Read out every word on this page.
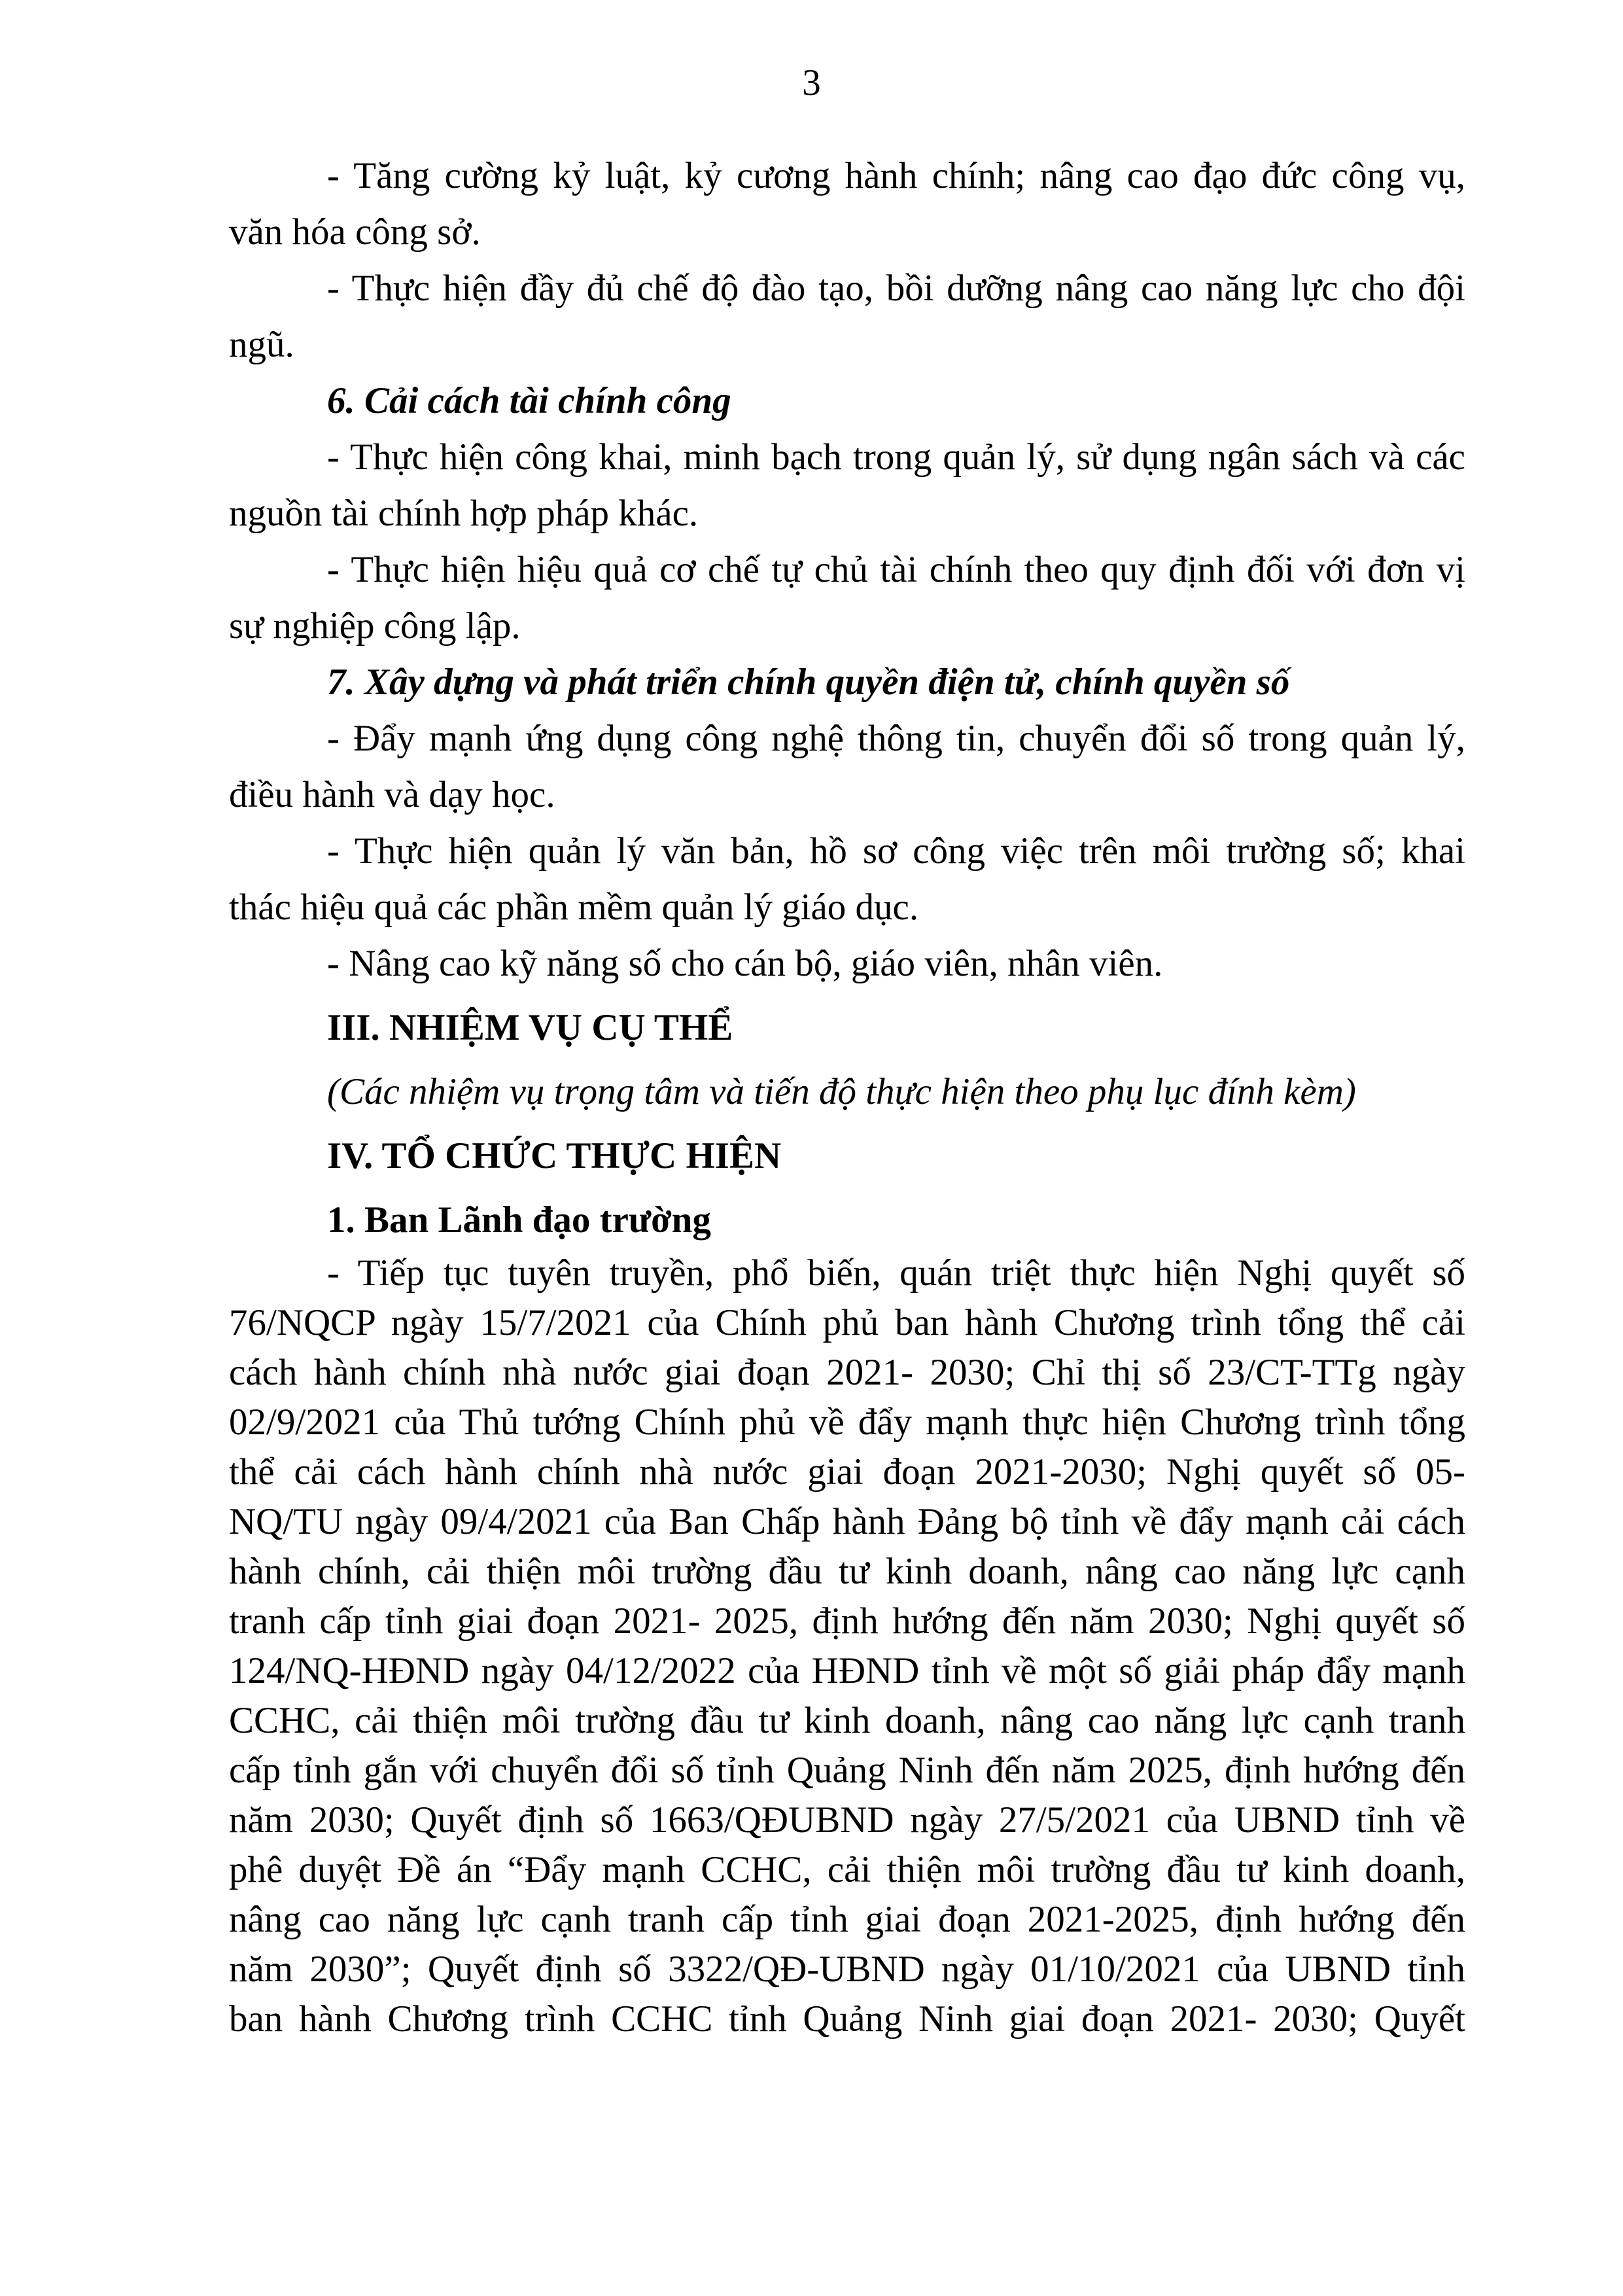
3

- Tăng cường kỷ luật, kỷ cương hành chính; nâng cao đạo đức công vụ,
văn hóa công sở.

- Thực hiện đầy đủ chế độ đào tạo, bồi dưỡng nâng cao năng lực cho đội
ngũ.

6. Cải cách tài chính công

- Thực hiện công khai, minh bạch trong quản lý, sử dụng ngân sách và các
nguồn tài chính hợp pháp khác.

- Thực hiện hiệu quả cơ chế tự chủ tài chính theo quy định đối với đơn vị
sự nghiệp công lập.

7. Xây dựng và phát triển chính quyền điện tử, chính quyền số

- Đẩy mạnh ứng dụng công nghệ thông tin, chuyển đổi số trong quản lý,
điều hành và dạy học.

- Thực hiện quản lý văn bản, hồ sơ công việc trên môi trường số; khai
thác hiệu quả các phần mềm quản lý giáo dục.

- Nâng cao kỹ năng số cho cán bộ, giáo viên, nhân viên.

III. NHIỆM VỤ CỤ THỂ

(Các nhiệm vụ trọng tâm và tiến độ thực hiện theo phụ lục đính kèm)

IV. TỔ CHỨC THỰC HIỆN

1. Ban Lãnh đạo trường

- Tiếp tục tuyên truyền, phổ biến, quán triệt thực hiện Nghị quyết số
76/NQCP ngày 15/7/2021 của Chính phủ ban hành Chương trình tổng thể cải
cách hành chính nhà nước giai đoạn 2021- 2030; Chỉ thị số 23/CT-TTg ngày
02/9/2021 của Thủ tướng Chính phủ về đẩy mạnh thực hiện Chương trình tổng
thể cải cách hành chính nhà nước giai đoạn 2021-2030; Nghị quyết số 05-
NQ/TU ngày 09/4/2021 của Ban Chấp hành Đảng bộ tỉnh về đẩy mạnh cải cách
hành chính, cải thiện môi trường đầu tư kinh doanh, nâng cao năng lực cạnh
tranh cấp tỉnh giai đoạn 2021- 2025, định hướng đến năm 2030; Nghị quyết số
124/NQ-HĐND ngày 04/12/2022 của HĐND tỉnh về một số giải pháp đẩy mạnh
CCHC, cải thiện môi trường đầu tư kinh doanh, nâng cao năng lực cạnh tranh
cấp tỉnh gắn với chuyển đổi số tỉnh Quảng Ninh đến năm 2025, định hướng đến
năm 2030; Quyết định số 1663/QĐUBND ngày 27/5/2021 của UBND tỉnh về
phê duyệt Đề án “Đẩy mạnh CCHC, cải thiện môi trường đầu tư kinh doanh,
nâng cao năng lực cạnh tranh cấp tỉnh giai đoạn 2021-2025, định hướng đến
năm 2030”; Quyết định số 3322/QĐ-UBND ngày 01/10/2021 của UBND tỉnh
ban hành Chương trình CCHC tỉnh Quảng Ninh giai đoạn 2021- 2030; Quyết
